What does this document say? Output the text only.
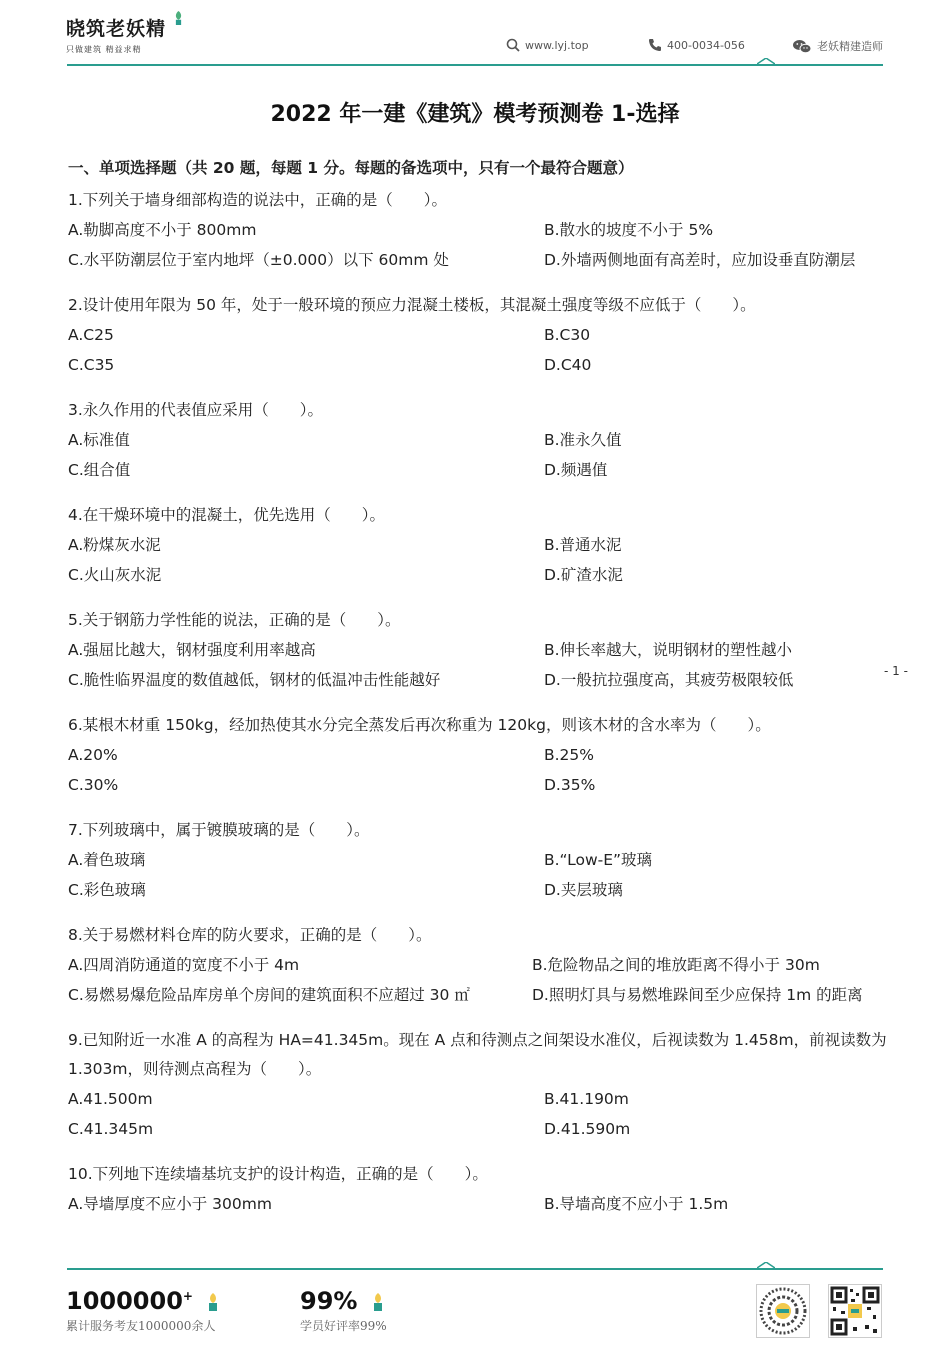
晓筑老妖精
只做建筑 精益求精	www.lyj.top	400-0034-056	老妖精建造师
2022 年一建《建筑》模考预测卷 1-选择
一、单项选择题（共 20 题，每题 1 分。每题的备选项中，只有一个最符合题意）
1.下列关于墙身细部构造的说法中，正确的是（　　）。
A.勒脚高度不小于 800mm	B.散水的坡度不小于 5%
C.水平防潮层位于室内地坪（±0.000）以下 60mm 处	D.外墙两侧地面有高差时，应加设垂直防潮层
2.设计使用年限为 50 年，处于一般环境的预应力混凝土楼板，其混凝土强度等级不应低于（　　）。
A.C25	B.C30
C.C35	D.C40
3.永久作用的代表值应采用（　　）。
A.标准值	B.准永久值
C.组合值	D.频遇值
4.在干燥环境中的混凝土，优先选用（　　）。
A.粉煤灰水泥	B.普通水泥
C.火山灰水泥	D.矿渣水泥
5.关于钢筋力学性能的说法，正确的是（　　）。
A.强屈比越大，钢材强度利用率越高	B.伸长率越大，说明钢材的塑性越小
C.脆性临界温度的数值越低，钢材的低温冲击性能越好	D.一般抗拉强度高，其疲劳极限较低
6.某根木材重 150kg，经加热使其水分完全蒸发后再次称重为 120kg，则该木材的含水率为（　　）。
A.20%	B.25%
C.30%	D.35%
7.下列玻璃中，属于镀膜玻璃的是（　　）。
A.着色玻璃	B.“Low-E”玻璃
C.彩色玻璃	D.夹层玻璃
8.关于易燃材料仓库的防火要求，正确的是（　　）。
A.四周消防通道的宽度不小于 4m	B.危险物品之间的堆放距离不得小于 30m
C.易燃易爆危险品库房单个房间的建筑面积不应超过 30 ㎡	D.照明灯具与易燃堆跺间至少应保持 1m 的距离
9.已知附近一水准 A 的高程为 HA=41.345m。现在 A 点和待测点之间架设水准仪，后视读数为 1.458m，前视读数为 1.303m，则待测点高程为（　　）。
A.41.500m	B.41.190m
C.41.345m	D.41.590m
10.下列地下连续墙基坑支护的设计构造，正确的是（　　）。
A.导墙厚度不应小于 300mm	B.导墙高度不应小于 1.5m
- 1 -
1000000+
累计服务考友1000000余人
99%
学员好评率99%
